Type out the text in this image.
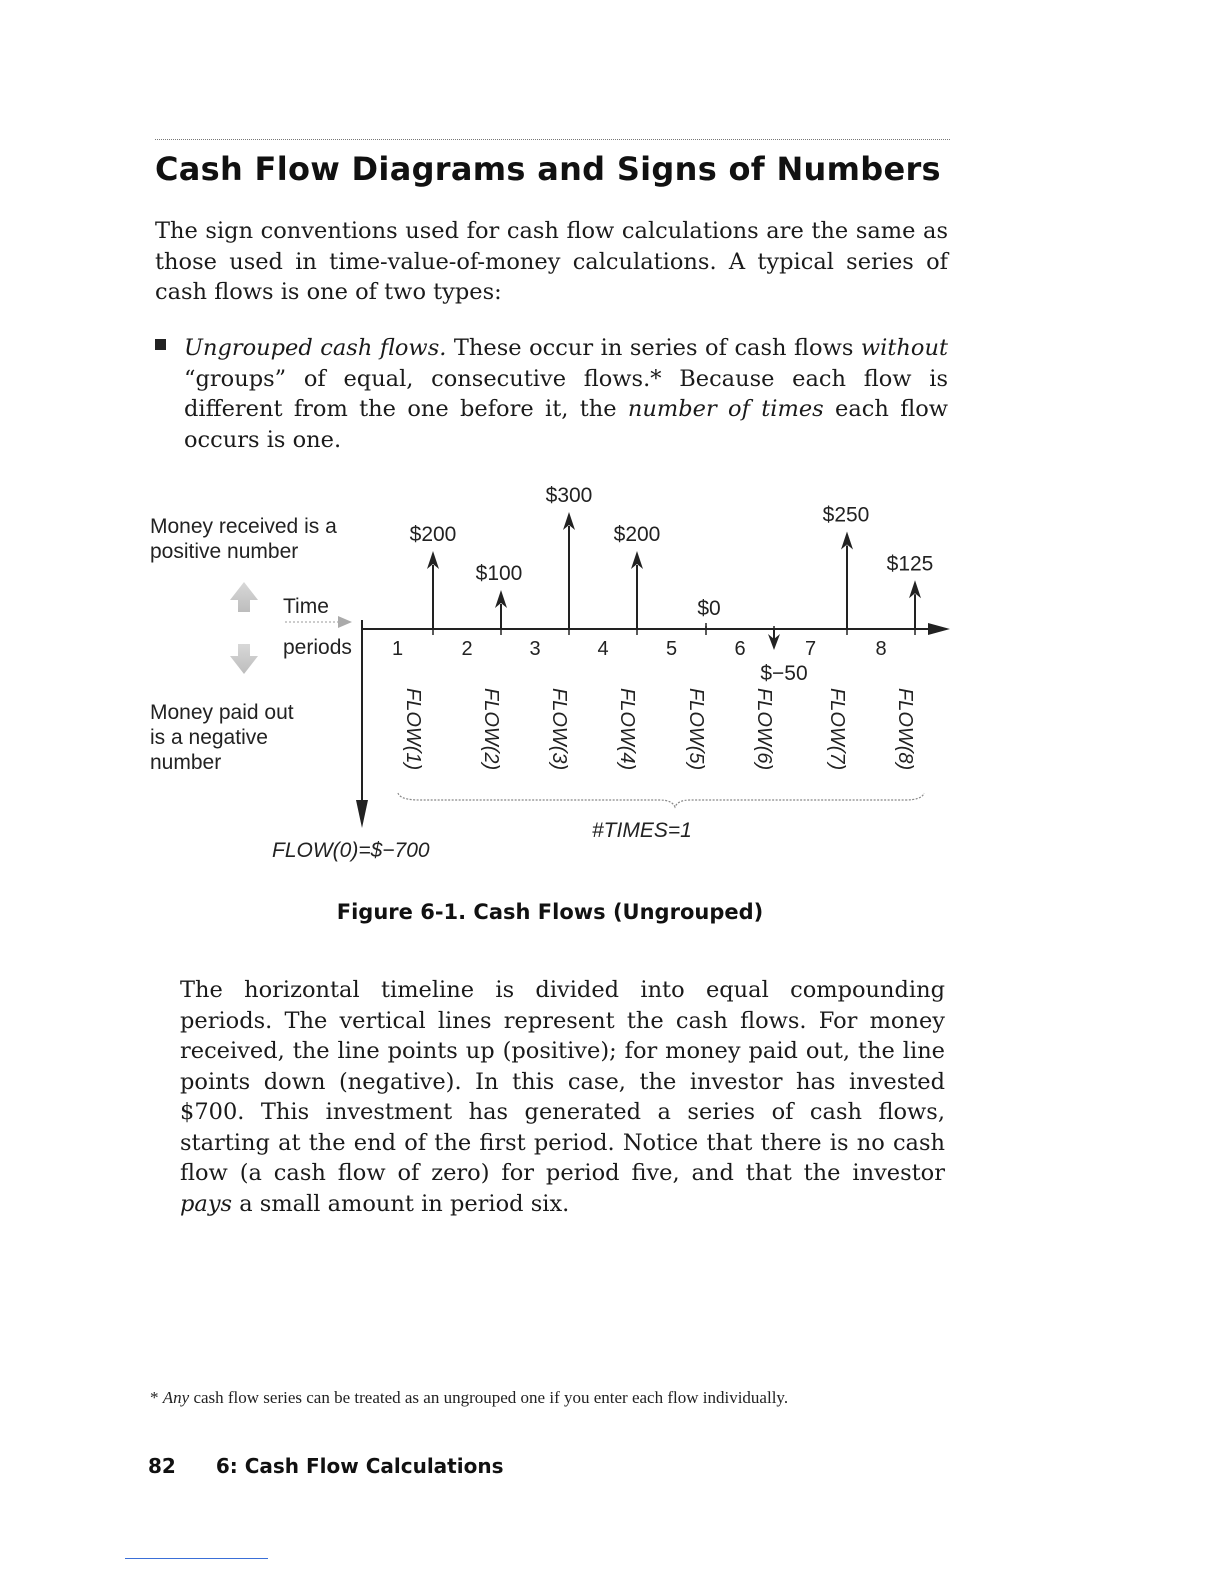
Cash Flow Diagrams and Signs of Numbers

The sign conventions used for cash flow calculations are the same as those used in time-value-of-money calculations. A typical series of cash flows is one of two types:

Ungrouped cash flows. These occur in series of cash flows without “groups” of equal, consecutive flows.* Because each flow is different from the one before it, the number of times each flow occurs is one.

Money received is a
positive number
Time
periods
Money paid out
is a negative
number
1	2	3	4	5	6	7	8
$200
$100
$300
$200
$0
$−50
$250
$125
FLOW(1)	FLOW(2) FLOW(3) FLOW(4) FLOW(5) FLOW(6)	FLOW(7) FLOW(8)
FLOW(0)=$−700
#TIMES=1
Figure 6-1. Cash Flows (Ungrouped)

The horizontal timeline is divided into equal compounding periods. The vertical lines represent the cash flows. For money received, the line points up (positive); for money paid out, the line points down (negative). In this case, the investor has invested $700. This investment has generated a series of cash flows, starting at the end of the first period. Notice that there is no cash flow (a cash flow of zero) for period five, and that the investor pays a small amount in period six.

* Any cash flow series can be treated as an ungrouped one if you enter each flow individually.
82 6: Cash Flow Calculations
